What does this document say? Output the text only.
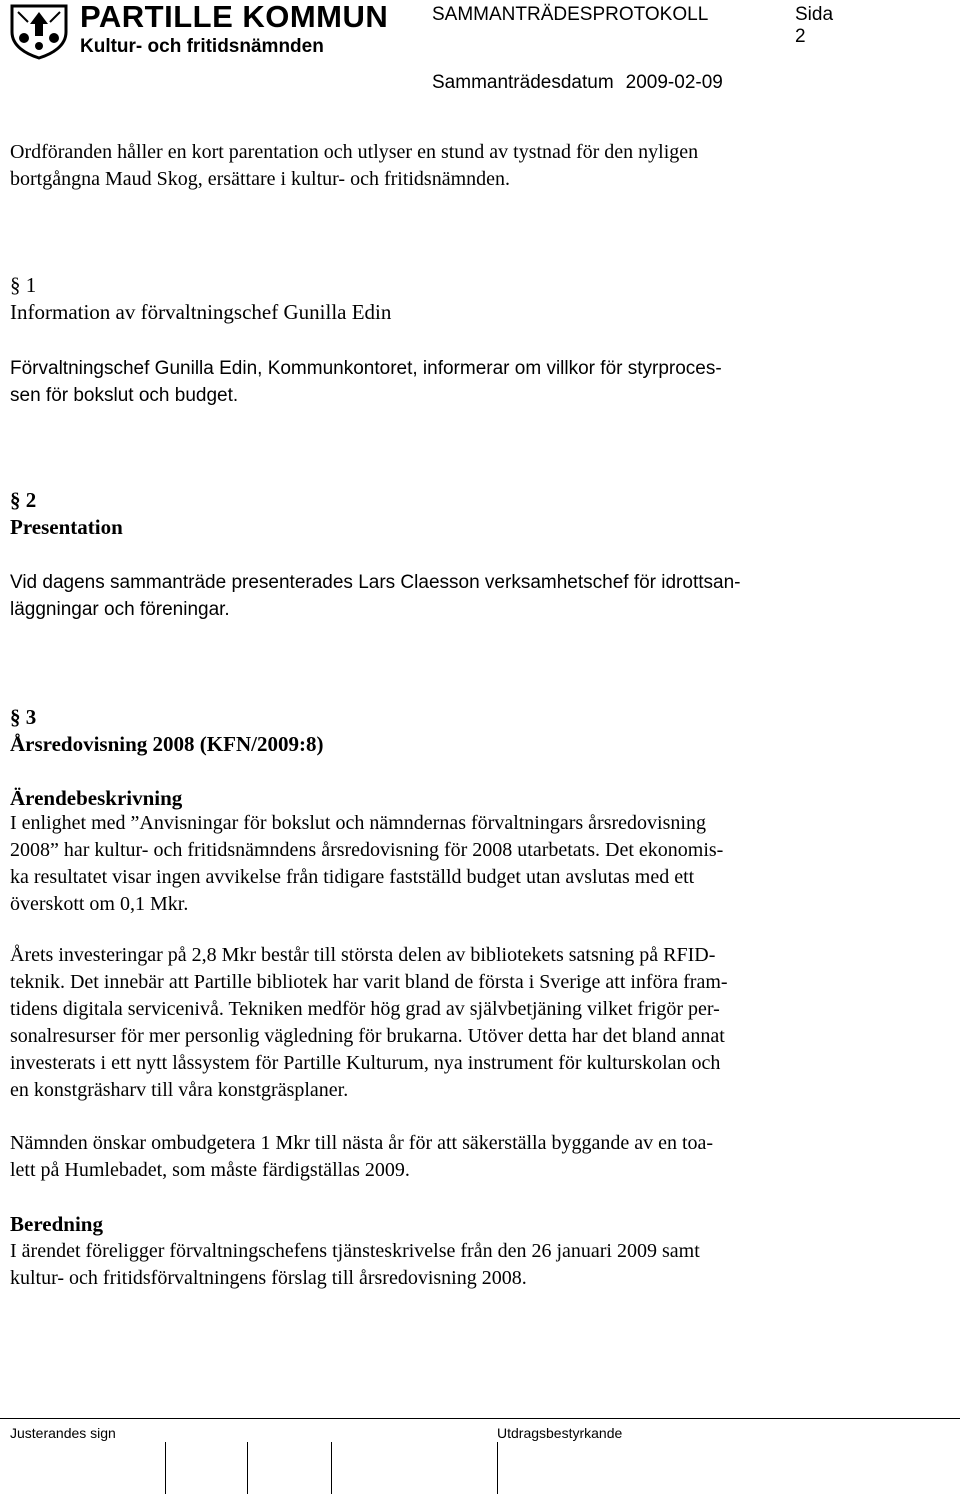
PARTILLE KOMMUN
Kultur- och fritidsnämnden
SAMMANTRÄDESPROTOKOLL	Sida
2
Sammanträdesdatum 2009-02-09
Ordföranden håller en kort parentation och utlyser en stund av tystnad för den nyligen
bortgångna Maud Skog, ersättare i kultur- och fritidsnämnden.
§ 1
Information av förvaltningschef Gunilla Edin
Förvaltningschef Gunilla Edin, Kommunkontoret, informerar om villkor för styrproces-
sen för bokslut och budget.
§ 2
Presentation
Vid dagens sammanträde presenterades Lars Claesson verksamhetschef för idrottsan-
läggningar och föreningar.
§ 3
Årsredovisning 2008 (KFN/2009:8)
Ärendebeskrivning
I enlighet med ”Anvisningar för bokslut och nämndernas förvaltningars årsredovisning
2008” har kultur- och fritidsnämndens årsredovisning för 2008 utarbetats. Det ekonomis-
ka resultatet visar ingen avvikelse från tidigare fastställd budget utan avslutas med ett
överskott om 0,1 Mkr.
Årets investeringar på 2,8 Mkr består till största delen av bibliotekets satsning på RFID-
teknik. Det innebär att Partille bibliotek har varit bland de första i Sverige att införa fram-
tidens digitala servicenivå. Tekniken medför hög grad av självbetjäning vilket frigör per-
sonalresurser för mer personlig vägledning för brukarna. Utöver detta har det bland annat
investerats i ett nytt låssystem för Partille Kulturum, nya instrument för kulturskolan och
en konstgräsharv till våra konstgräsplaner.
Nämnden önskar ombudgetera 1 Mkr till nästa år för att säkerställa byggande av en toa-
lett på Humlebadet, som måste färdigställas 2009.
Beredning
I ärendet föreligger förvaltningschefens tjänsteskrivelse från den 26 januari 2009 samt
kultur- och fritidsförvaltningens förslag till årsredovisning 2008.
Justerandes sign	Utdragsbestyrkande
